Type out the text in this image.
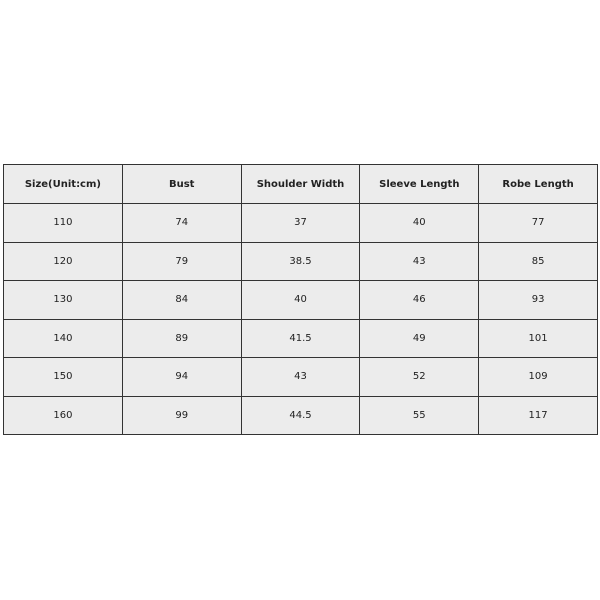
Size(Unit:cm)	Bust	Shoulder Width	Sleeve Length	Robe Length
110	74	37	40	77
120	79	38.5	43	85
130	84	40	46	93
140	89	41.5	49	101
150	94	43	52	109
160	99	44.5	55	117
